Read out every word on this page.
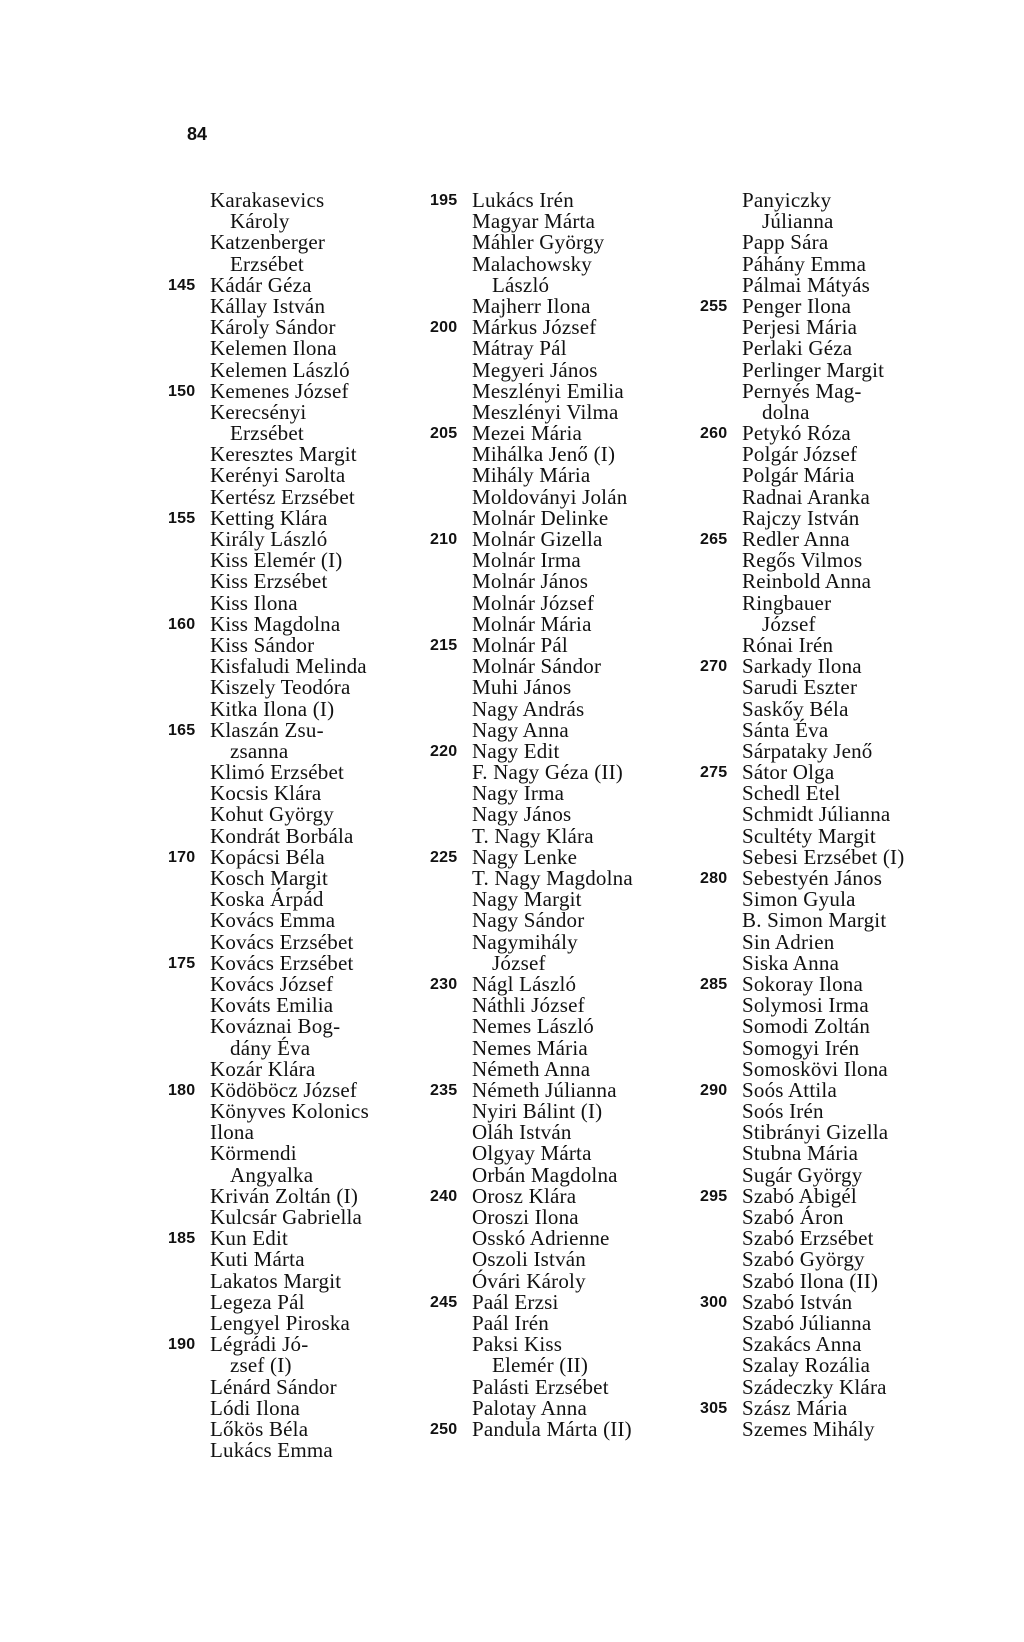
84
Karakasevics
Károly
Katzenberger
Erzsébet
145 Kádár Géza
Kállay István
Károly Sándor
Kelemen Ilona
Kelemen László
150 Kemenes József
Kerecsényi
Erzsébet
Keresztes Margit
Kerényi Sarolta
Kertész Erzsébet
155 Ketting Klára
Király László
Kiss Elemér (I)
Kiss Erzsébet
Kiss Ilona
160 Kiss Magdolna
Kiss Sándor
Kisfaludi Melinda
Kiszely Teodóra
Kitka Ilona (I)
165 Klaszán Zsu-
zsanna
Klimó Erzsébet
Kocsis Klára
Kohut György
Kondrát Borbála
170 Kopácsi Béla
Kosch Margit
Koska Árpád
Kovács Emma
Kovács Erzsébet
175 Kovács Erzsébet
Kovács József
Kováts Emilia
Kováznai Bog-
dány Éva
Kozár Klára
180 Ködöböcz József
Könyves Kolonics
Ilona
Körmendi
Angyalka
Kriván Zoltán (I)
Kulcsár Gabriella
185 Kun Edit
Kuti Márta
Lakatos Margit
Legeza Pál
Lengyel Piroska
190 Légrádi Jó-
zsef (I)
Lénárd Sándor
Lódi Ilona
Lőkös Béla
Lukács Emma
195 Lukács Irén
Magyar Márta
Máhler György
Malachowsky
László
Majherr Ilona
200 Márkus József
Mátray Pál
Megyeri János
Meszlényi Emilia
Meszlényi Vilma
205 Mezei Mária
Mihálka Jenő (I)
Mihály Mária
Moldoványi Jolán
Molnár Delinke
210 Molnár Gizella
Molnár Irma
Molnár János
Molnár József
Molnár Mária
215 Molnár Pál
Molnár Sándor
Muhi János
Nagy András
Nagy Anna
220 Nagy Edit
F. Nagy Géza (II)
Nagy Irma
Nagy János
T. Nagy Klára
225 Nagy Lenke
T. Nagy Magdolna
Nagy Margit
Nagy Sándor
Nagymihály
József
230 Nágl László
Náthli József
Nemes László
Nemes Mária
Németh Anna
235 Németh Júlianna
Nyiri Bálint (I)
Oláh István
Olgyay Márta
Orbán Magdolna
240 Orosz Klára
Oroszi Ilona
Osskó Adrienne
Oszoli István
Óvári Károly
245 Paál Erzsi
Paál Irén
Paksi Kiss
Elemér (II)
Palásti Erzsébet
Palotay Anna
250 Pandula Márta (II)
Panyiczky
Júlianna
Papp Sára
Páhány Emma
Pálmai Mátyás
255 Penger Ilona
Perjesi Mária
Perlaki Géza
Perlinger Margit
Pernyés Mag-
dolna
260 Petykó Róza
Polgár József
Polgár Mária
Radnai Aranka
Rajczy István
265 Redler Anna
Regős Vilmos
Reinbold Anna
Ringbauer
József
Rónai Irén
270 Sarkady Ilona
Sarudi Eszter
Saskőy Béla
Sánta Éva
Sárpataky Jenő
275 Sátor Olga
Schedl Etel
Schmidt Júlianna
Scultéty Margit
Sebesi Erzsébet (I)
280 Sebestyén János
Simon Gyula
B. Simon Margit
Sin Adrien
Siska Anna
285 Sokoray Ilona
Solymosi Irma
Somodi Zoltán
Somogyi Irén
Somoskövi Ilona
290 Soós Attila
Soós Irén
Stibrányi Gizella
Stubna Mária
Sugár György
295 Szabó Abigél
Szabó Áron
Szabó Erzsébet
Szabó György
Szabó Ilona (II)
300 Szabó István
Szabó Júlianna
Szakács Anna
Szalay Rozália
Szádeczky Klára
305 Szász Mária
Szemes Mihály
